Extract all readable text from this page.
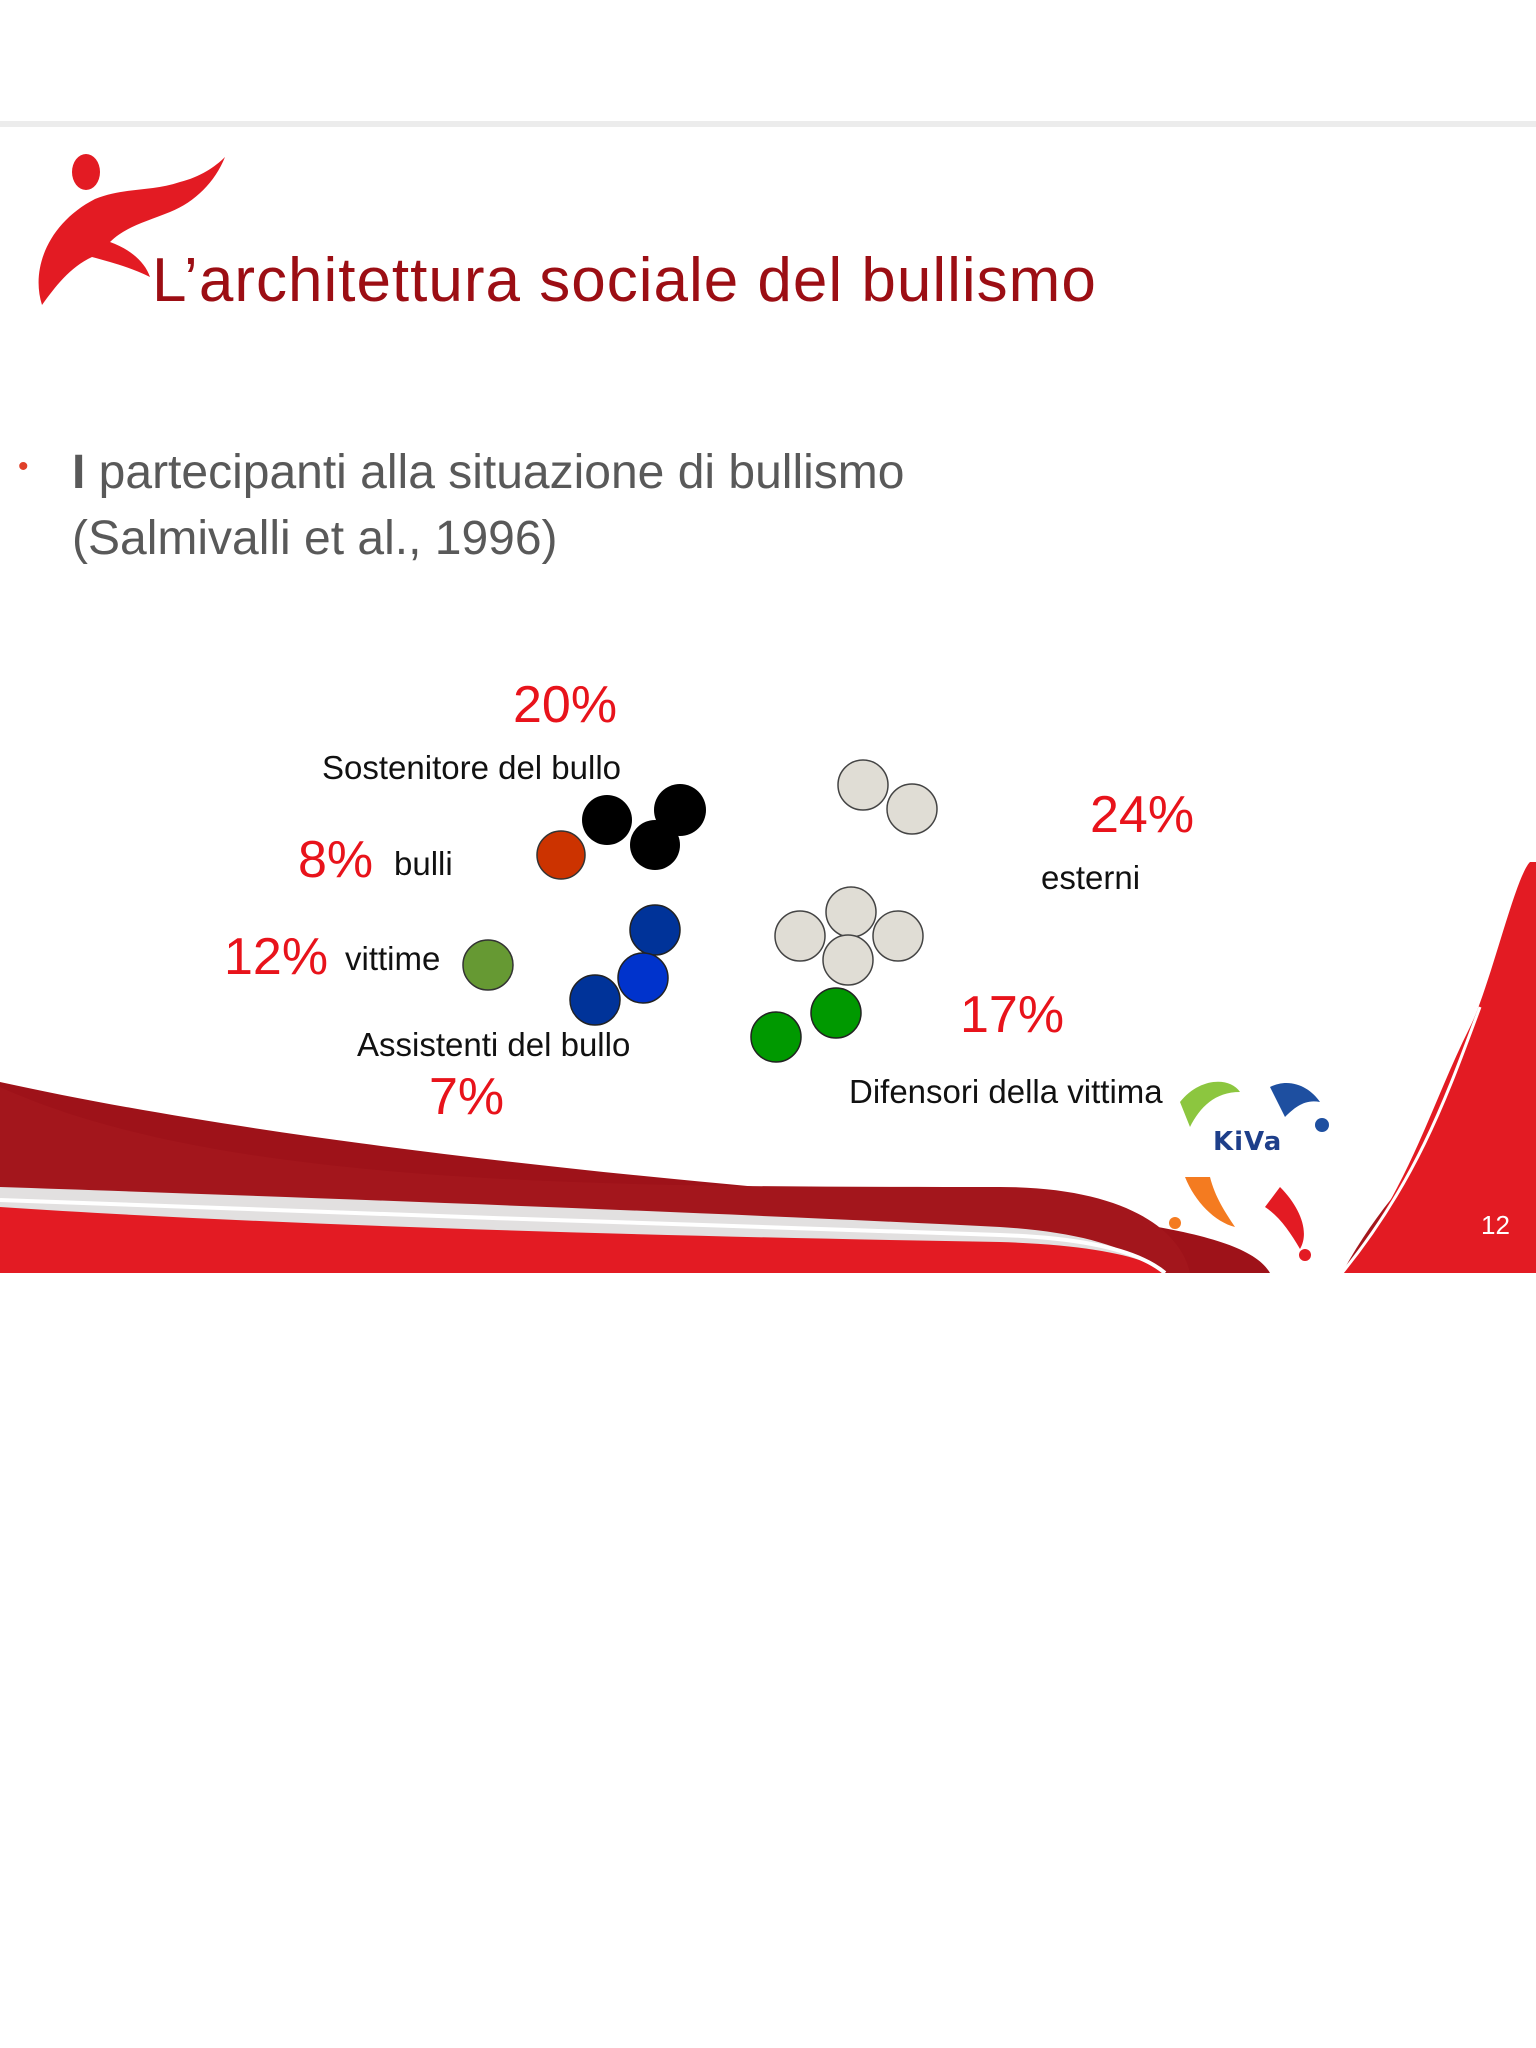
L’architettura sociale del bullismo
• I partecipanti alla situazione di bullismo
(Salmivalli et al., 1996)
20%
Sostenitore del bullo
8% bulli
12% vittime
Assistenti del bullo
7%
24%
esterni
17%
Difensori della vittima
KiVa
12
